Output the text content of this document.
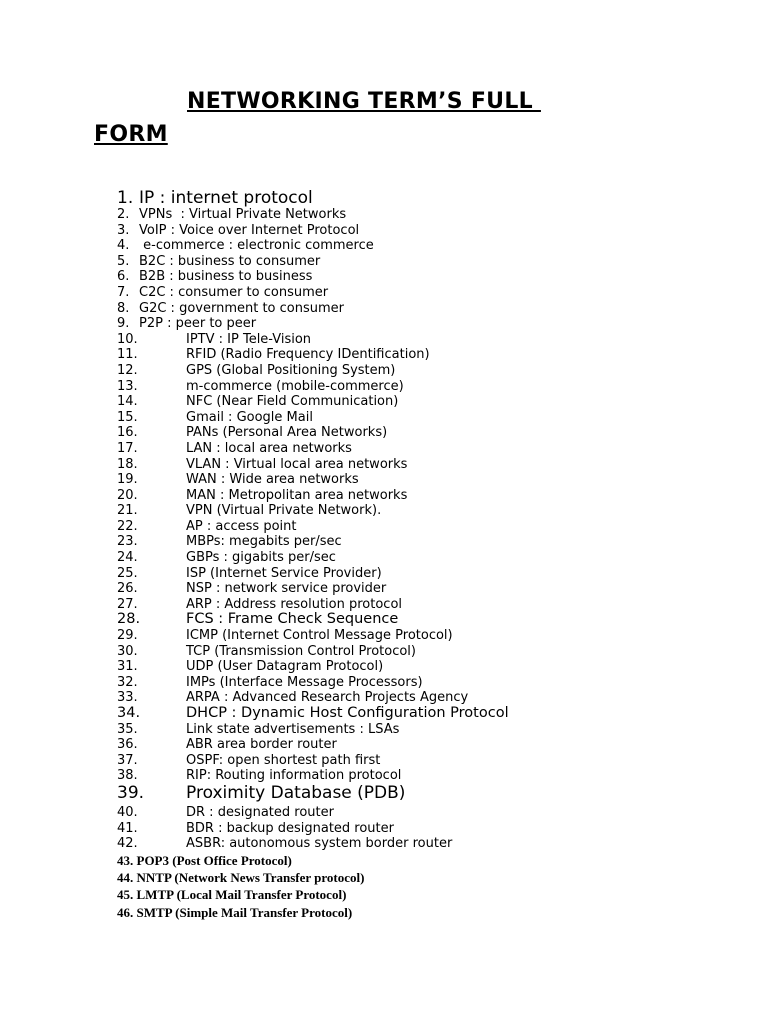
NETWORKING TERM’S FULL
FORM
1. IP : internet protocol
2. VPNs  : Virtual Private Networks
3. VoIP : Voice over Internet Protocol
4. e-commerce : electronic commerce
5. B2C : business to consumer
6. B2B : business to business
7. C2C : consumer to consumer
8. G2C : government to consumer
9. P2P : peer to peer
10.	IPTV : IP Tele-Vision
11.	RFID (Radio Frequency IDentification)
12.	GPS (Global Positioning System)
13.	m-commerce (mobile-commerce)
14.	NFC (Near Field Communication)
15.	Gmail : Google Mail
16.	PANs (Personal Area Networks)
17.	LAN : local area networks
18.	VLAN : Virtual local area networks
19.	WAN : Wide area networks
20.	MAN : Metropolitan area networks
21.	VPN (Virtual Private Network).
22.	AP : access point
23.	MBPs: megabits per/sec
24.	GBPs : gigabits per/sec
25.	ISP (Internet Service Provider)
26.	NSP : network service provider
27.	ARP : Address resolution protocol
28.	FCS : Frame Check Sequence
29.	ICMP (Internet Control Message Protocol)
30.	TCP (Transmission Control Protocol)
31.	UDP (User Datagram Protocol)
32.	IMPs (Interface Message Processors)
33.	ARPA : Advanced Research Projects Agency
34.	DHCP : Dynamic Host Configuration Protocol
35.	Link state advertisements : LSAs
36.	ABR area border router
37.	OSPF: open shortest path first
38.	RIP: Routing information protocol
39. Proximity Database (PDB)
40.	DR : designated router
41.	BDR : backup designated router
42.	ASBR: autonomous system border router
43. POP3 (Post Office Protocol)
44. NNTP (Network News Transfer protocol)
45. LMTP (Local Mail Transfer Protocol)
46. SMTP (Simple Mail Transfer Protocol)
